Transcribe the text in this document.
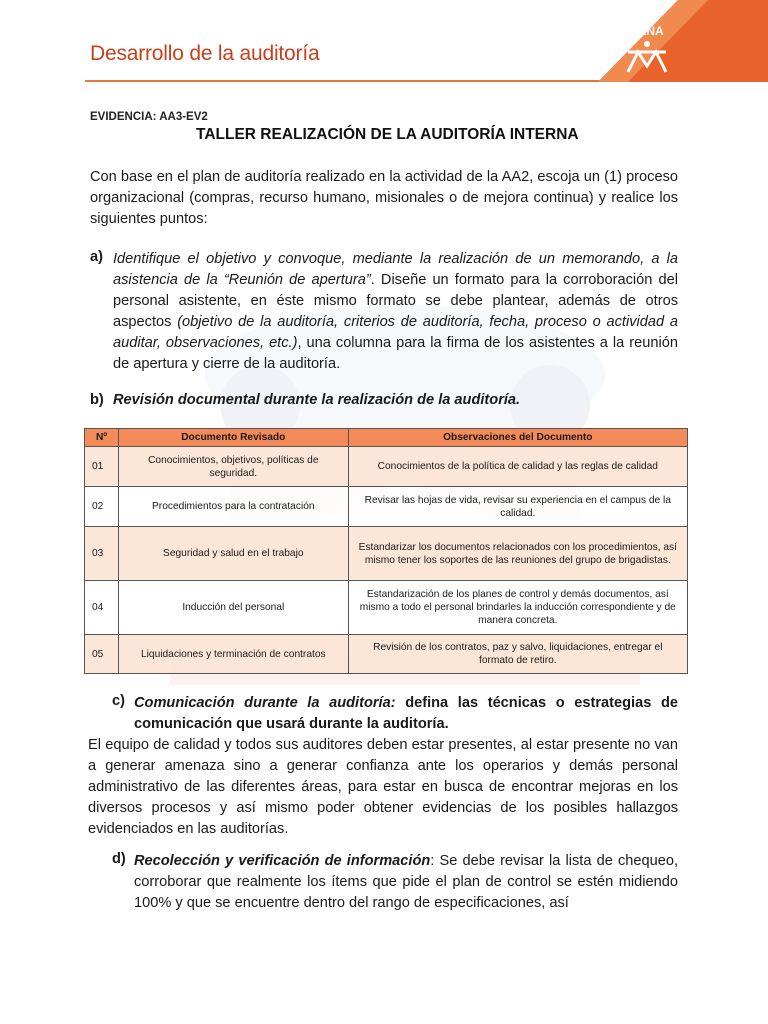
Desarrollo de la auditoría
SENA
EVIDENCIA: AA3-EV2
TALLER REALIZACIÓN DE LA AUDITORÍA INTERNA

Con base en el plan de auditoría realizado en la actividad de la AA2, escoja un (1) proceso organizacional (compras, recurso humano, misionales o de mejora continua) y realice los siguientes puntos:

a) Identifique el objetivo y convoque, mediante la realización de un memorando, a la asistencia de la “Reunión de apertura”. Diseñe un formato para la corroboración del personal asistente, en éste mismo formato se debe plantear, además de otros aspectos (objetivo de la auditoría, criterios de auditoría, fecha, proceso o actividad a auditar, observaciones, etc.), una columna para la firma de los asistentes a la reunión de apertura y cierre de la auditoría.

b) Revisión documental durante la realización de la auditoría.
Nº	Documento Revisado	Observaciones del Documento
01	Conocimientos, objetivos, políticas de seguridad.	Conocimientos de la política de calidad y las reglas de calidad
02	Procedimientos para la contratación	Revisar las hojas de vida, revisar su experiencia en el campus de la calidad.
03	Seguridad y salud en el trabajo	Estandarizar los documentos relacionados con los procedimientos, así mismo tener los soportes de las reuniones del grupo de brigadistas.
04	Inducción del personal	Estandarización de los planes de control y demás documentos, así mismo a todo el personal brindarles la inducción correspondiente y de manera concreta.
05	Liquidaciones y terminación de contratos	Revisión de los contratos, paz y salvo, liquidaciones, entregar el formato de retiro.
c) Comunicación durante la auditoría: defina las técnicas o estrategias de comunicación que usará durante la auditoría.

El equipo de calidad y todos sus auditores deben estar presentes, al estar presente no van a generar amenaza sino a generar confianza ante los operarios y demás personal administrativo de las diferentes áreas, para estar en busca de encontrar mejoras en los diversos procesos y así mismo poder obtener evidencias de los posibles hallazgos evidenciados en las auditorías.

d) Recolección y verificación de información: Se debe revisar la lista de chequeo, corroborar que realmente los ítems que pide el plan de control se estén midiendo 100% y que se encuentre dentro del rango de especificaciones, así
